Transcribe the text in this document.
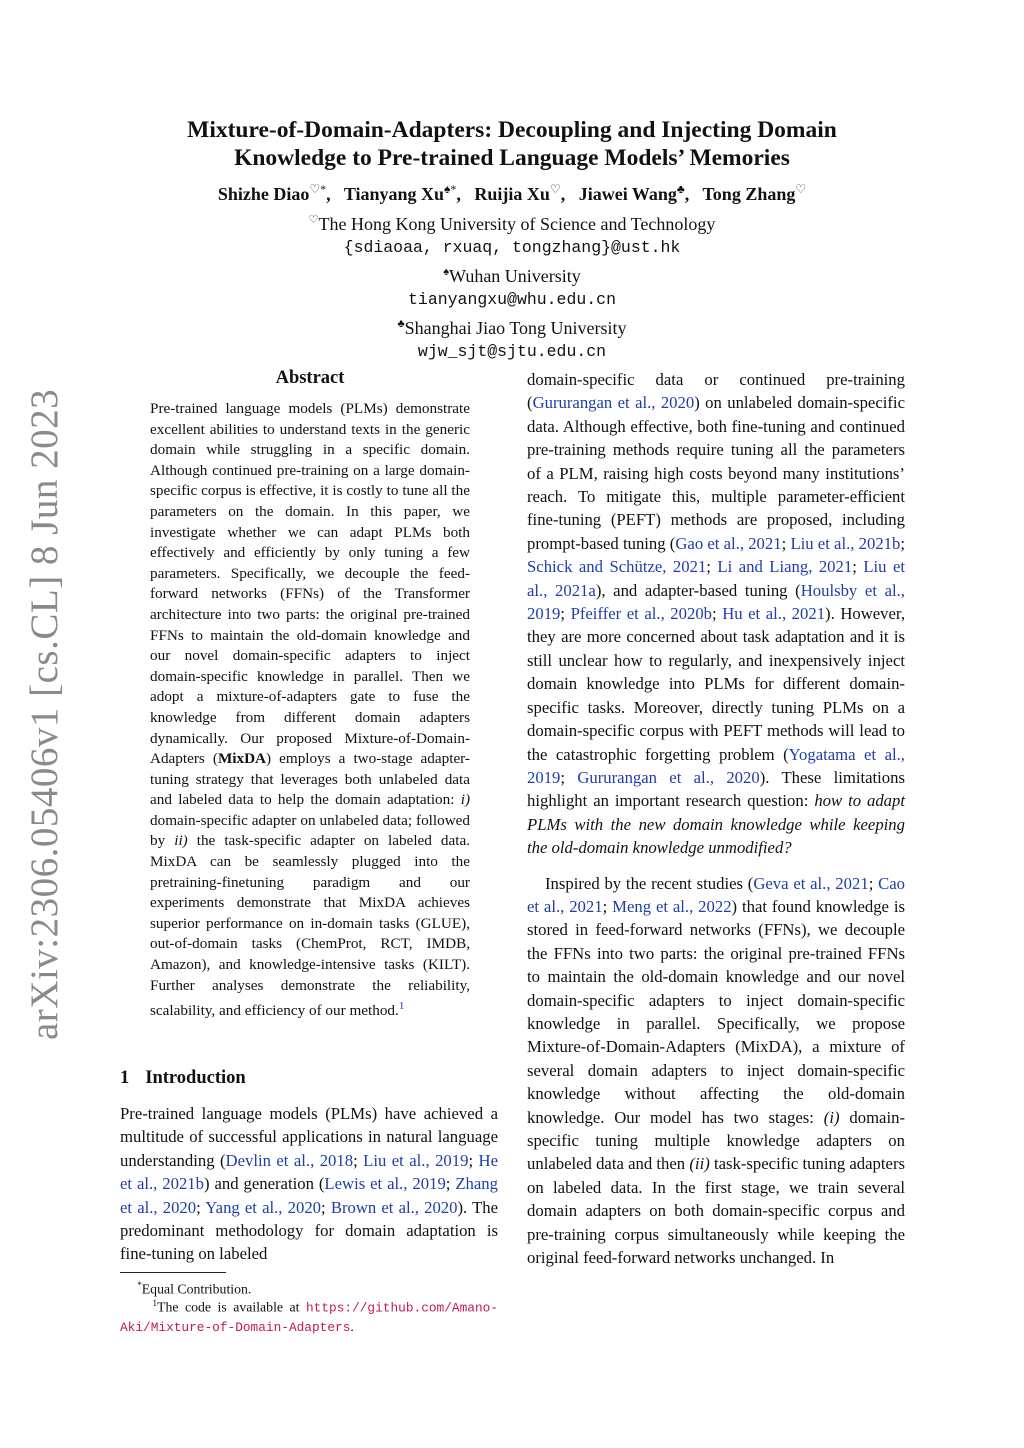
arXiv:2306.05406v1 [cs.CL] 8 Jun 2023
Mixture-of-Domain-Adapters: Decoupling and Injecting Domain
Knowledge to Pre-trained Language Models’ Memories
Shizhe Diao♡*,   Tianyang Xu♠*,   Ruijia Xu♡,   Jiawei Wang♣,   Tong Zhang♡
♡The Hong Kong University of Science and Technology
{sdiaoaa, rxuaq, tongzhang}@ust.hk
♠Wuhan University
tianyangxu@whu.edu.cn
♣Shanghai Jiao Tong University
wjw_sjt@sjtu.edu.cn
Abstract
Pre-trained language models (PLMs) demonstrate excellent abilities to understand texts in the generic domain while struggling in a specific domain. Although continued pre-training on a large domain-specific corpus is effective, it is costly to tune all the parameters on the domain. In this paper, we investigate whether we can adapt PLMs both effectively and efficiently by only tuning a few parameters. Specifically, we decouple the feed-forward networks (FFNs) of the Transformer architecture into two parts: the original pre-trained FFNs to maintain the old-domain knowledge and our novel domain-specific adapters to inject domain-specific knowledge in parallel. Then we adopt a mixture-of-adapters gate to fuse the knowledge from different domain adapters dynamically. Our proposed Mixture-of-Domain-Adapters (MixDA) employs a two-stage adapter-tuning strategy that leverages both unlabeled data and labeled data to help the domain adaptation: i) domain-specific adapter on unlabeled data; followed by ii) the task-specific adapter on labeled data. MixDA can be seamlessly plugged into the pretraining-finetuning paradigm and our experiments demonstrate that MixDA achieves superior performance on in-domain tasks (GLUE), out-of-domain tasks (ChemProt, RCT, IMDB, Amazon), and knowledge-intensive tasks (KILT). Further analyses demonstrate the reliability, scalability, and efficiency of our method.$^1$
1 Introduction
Pre-trained language models (PLMs) have achieved a multitude of successful applications in natural language understanding (Devlin et al., 2018; Liu et al., 2019; He et al., 2021b) and generation (Lewis et al., 2019; Zhang et al., 2020; Yang et al., 2020; Brown et al., 2020). The predominant methodology for domain adaptation is fine-tuning on labeled
*Equal Contribution.
$^1$The code is available at https://github.com/Amano-Aki/Mixture-of-Domain-Adapters.

domain-specific data or continued pre-training (Gururangan et al., 2020) on unlabeled domain-specific data. Although effective, both fine-tuning and continued pre-training methods require tuning all the parameters of a PLM, raising high costs beyond many institutions’ reach. To mitigate this, multiple parameter-efficient fine-tuning (PEFT) methods are proposed, including prompt-based tuning (Gao et al., 2021; Liu et al., 2021b; Schick and Schütze, 2021; Li and Liang, 2021; Liu et al., 2021a), and adapter-based tuning (Houlsby et al., 2019; Pfeiffer et al., 2020b; Hu et al., 2021). However, they are more concerned about task adaptation and it is still unclear how to regularly, and inexpensively inject domain knowledge into PLMs for different domain-specific tasks. Moreover, directly tuning PLMs on a domain-specific corpus with PEFT methods will lead to the catastrophic forgetting problem (Yogatama et al., 2019; Gururangan et al., 2020). These limitations highlight an important research question: how to adapt PLMs with the new domain knowledge while keeping the old-domain knowledge unmodified?

Inspired by the recent studies (Geva et al., 2021; Cao et al., 2021; Meng et al., 2022) that found knowledge is stored in feed-forward networks (FFNs), we decouple the FFNs into two parts: the original pre-trained FFNs to maintain the old-domain knowledge and our novel domain-specific adapters to inject domain-specific knowledge in parallel. Specifically, we propose Mixture-of-Domain-Adapters (MixDA), a mixture of several domain adapters to inject domain-specific knowledge without affecting the old-domain knowledge. Our model has two stages: (i) domain-specific tuning multiple knowledge adapters on unlabeled data and then (ii) task-specific tuning adapters on labeled data. In the first stage, we train several domain adapters on both domain-specific corpus and pre-training corpus simultaneously while keeping the original feed-forward networks unchanged. In
